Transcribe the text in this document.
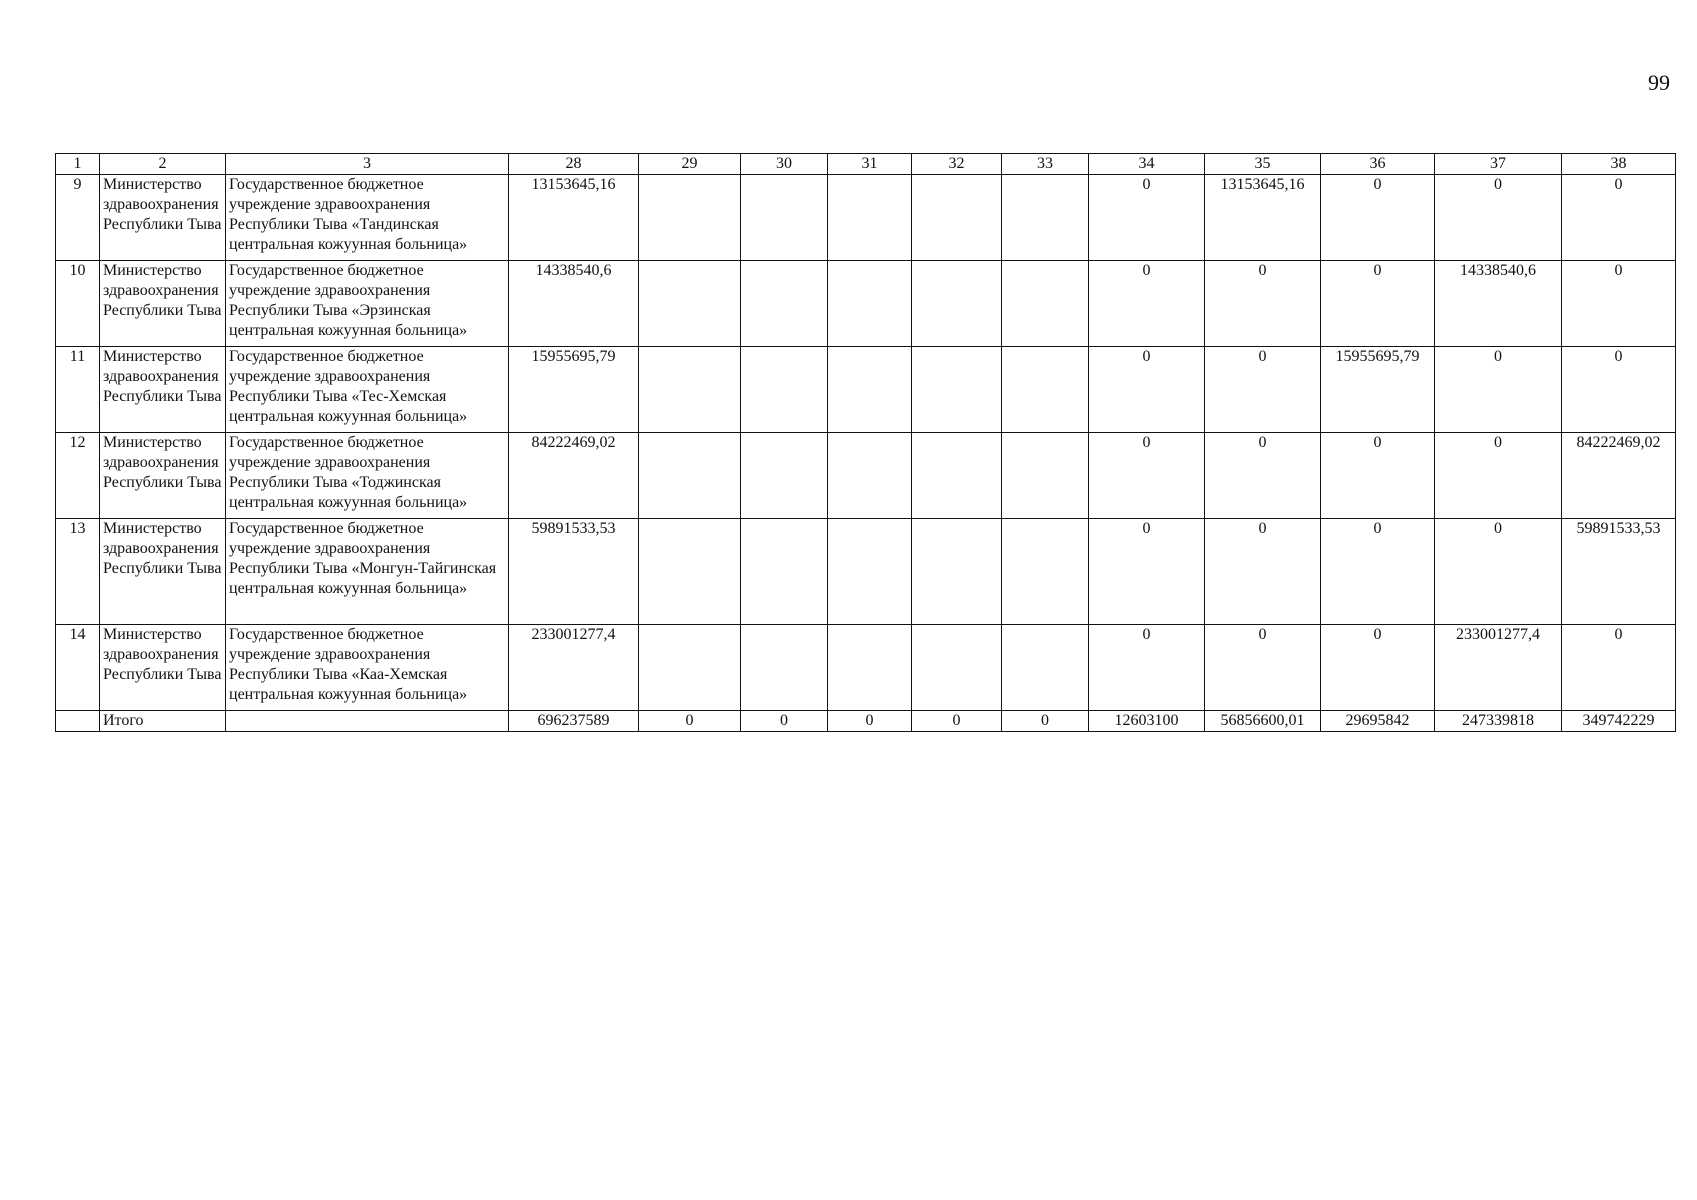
99
1	2	3	28	29	30	31	32	33	34	35	36	37	38
9	Министерство здравоохранения Республики Тыва	Государственное бюджетное учреждение здравоохранения Республики Тыва «Тандинская центральная кожуунная больница»	13153645,16						0	13153645,16	0	0	0
10	Министерство здравоохранения Республики Тыва	Государственное бюджетное учреждение здравоохранения Республики Тыва «Эрзинская центральная кожуунная больница»	14338540,6						0	0	0	14338540,6	0
11	Министерство здравоохранения Республики Тыва	Государственное бюджетное учреждение здравоохранения Республики Тыва «Тес-Хемская центральная кожуунная больница»	15955695,79						0	0	15955695,79	0	0
12	Министерство здравоохранения Республики Тыва	Государственное бюджетное учреждение здравоохранения Республики Тыва «Тоджинская центральная кожуунная больница»	84222469,02						0	0	0	0	84222469,02
13	Министерство здравоохранения Республики Тыва	Государственное бюджетное учреждение здравоохранения Республики Тыва «Монгун-Тайгинская центральная кожуунная больница»	59891533,53						0	0	0	0	59891533,53
14	Министерство здравоохранения Республики Тыва	Государственное бюджетное учреждение здравоохранения Республики Тыва «Каа-Хемская центральная кожуунная больница»	233001277,4						0	0	0	233001277,4	0
	Итого		696237589	0	0	0	0	0	12603100	56856600,01	29695842	247339818	349742229
